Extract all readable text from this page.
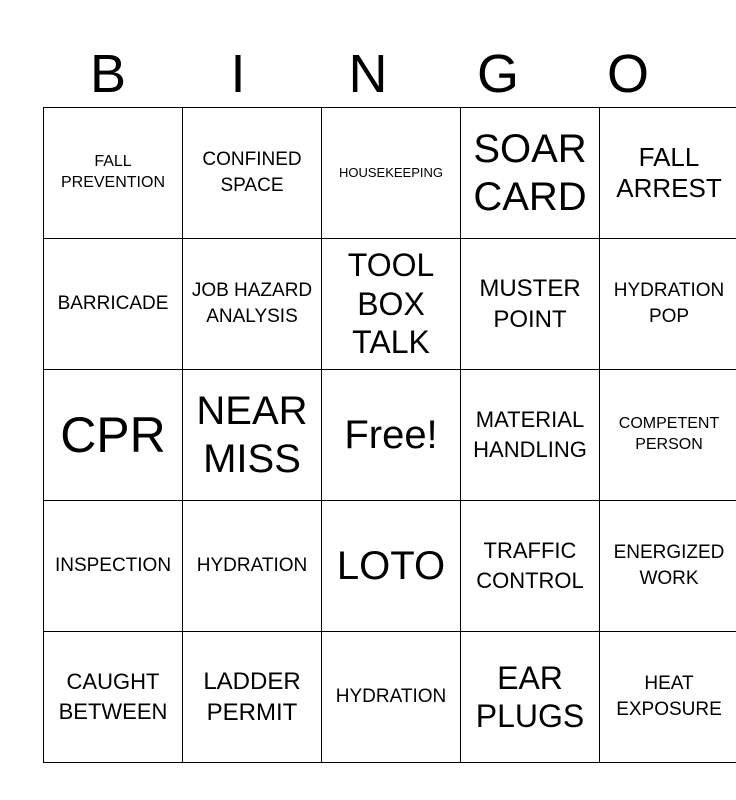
B	I	N	G	O
FALL PREVENTION	CONFINED SPACE	HOUSEKEEPING	SOAR CARD	FALL ARREST
BARRICADE	JOB HAZARD ANALYSIS	TOOL BOX TALK	MUSTER POINT	HYDRATION POP
CPR	NEAR MISS	Free!	MATERIAL HANDLING	COMPETENT PERSON
INSPECTION	HYDRATION	LOTO	TRAFFIC CONTROL	ENERGIZED WORK
CAUGHT BETWEEN	LADDER PERMIT	HYDRATION	EAR PLUGS	HEAT EXPOSURE
